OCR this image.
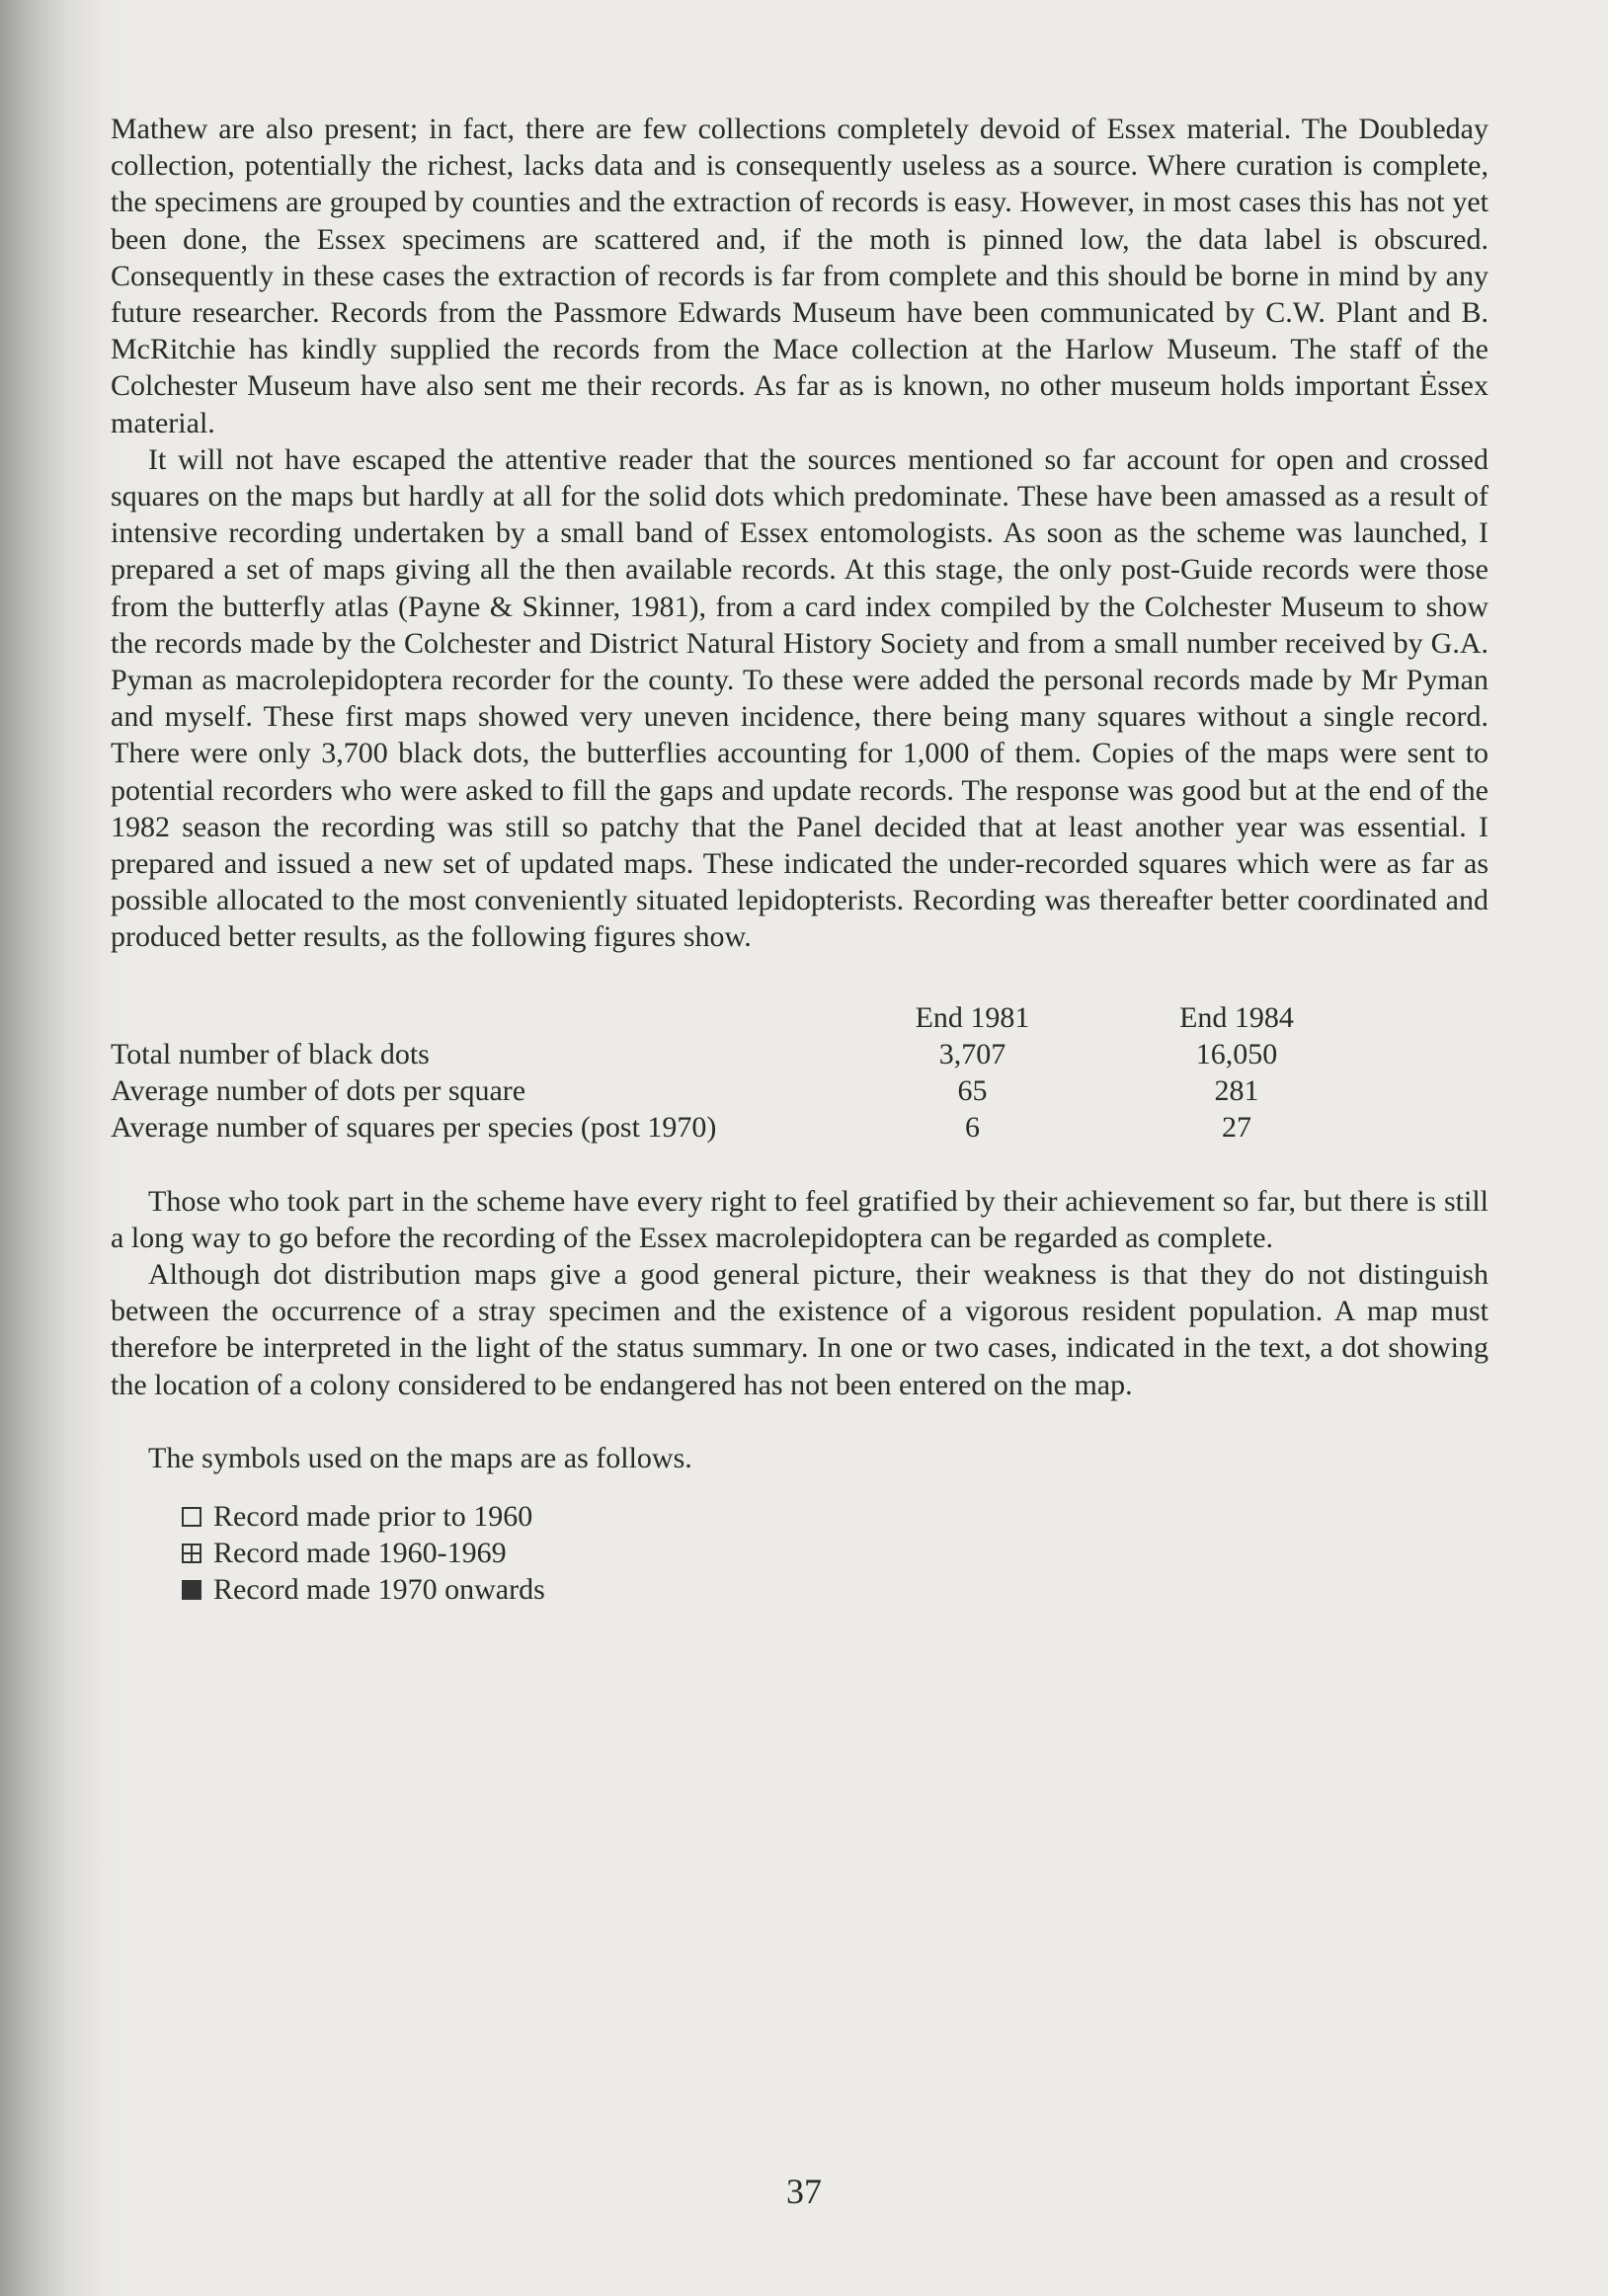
Mathew are also present; in fact, there are few collections completely devoid of Essex material. The Doubleday collection, potentially the richest, lacks data and is consequently useless as a source. Where curation is complete, the specimens are grouped by counties and the extraction of records is easy. However, in most cases this has not yet been done, the Essex specimens are scattered and, if the moth is pinned low, the data label is obscured. Consequently in these cases the extraction of records is far from complete and this should be borne in mind by any future researcher. Records from the Passmore Edwards Museum have been communicated by C.W. Plant and B. McRitchie has kindly supplied the records from the Mace collection at the Harlow Museum. The staff of the Colchester Museum have also sent me their records. As far as is known, no other museum holds important Ėssex material.

It will not have escaped the attentive reader that the sources mentioned so far account for open and crossed squares on the maps but hardly at all for the solid dots which predominate. These have been amassed as a result of intensive recording undertaken by a small band of Essex entomologists. As soon as the scheme was launched, I prepared a set of maps giving all the then available records. At this stage, the only post-Guide records were those from the butterfly atlas (Payne & Skinner, 1981), from a card index compiled by the Colchester Museum to show the records made by the Colchester and District Natural History Society and from a small number received by G.A. Pyman as macrolepidoptera recorder for the county. To these were added the personal records made by Mr Pyman and myself. These first maps showed very uneven incidence, there being many squares without a single record. There were only 3,700 black dots, the butterflies accounting for 1,000 of them. Copies of the maps were sent to potential recorders who were asked to fill the gaps and update records. The response was good but at the end of the 1982 season the recording was still so patchy that the Panel decided that at least another year was essential. I prepared and issued a new set of updated maps. These indicated the under-recorded squares which were as far as possible allocated to the most conveniently situated lepidopterists. Recording was thereafter better coordinated and produced better results, as the following figures show.

	End 1981	End 1984
Total number of black dots	3,707	16,050
Average number of dots per square	65	281
Average number of squares per species (post 1970)	6	27

Those who took part in the scheme have every right to feel gratified by their achievement so far, but there is still a long way to go before the recording of the Essex macrolepidoptera can be regarded as complete.

Although dot distribution maps give a good general picture, their weakness is that they do not distinguish between the occurrence of a stray specimen and the existence of a vigorous resident population. A map must therefore be interpreted in the light of the status summary. In one or two cases, indicated in the text, a dot showing the location of a colony considered to be endangered has not been entered on the map.

The symbols used on the maps are as follows.

Record made prior to 1960
Record made 1960-1969
Record made 1970 onwards
37
